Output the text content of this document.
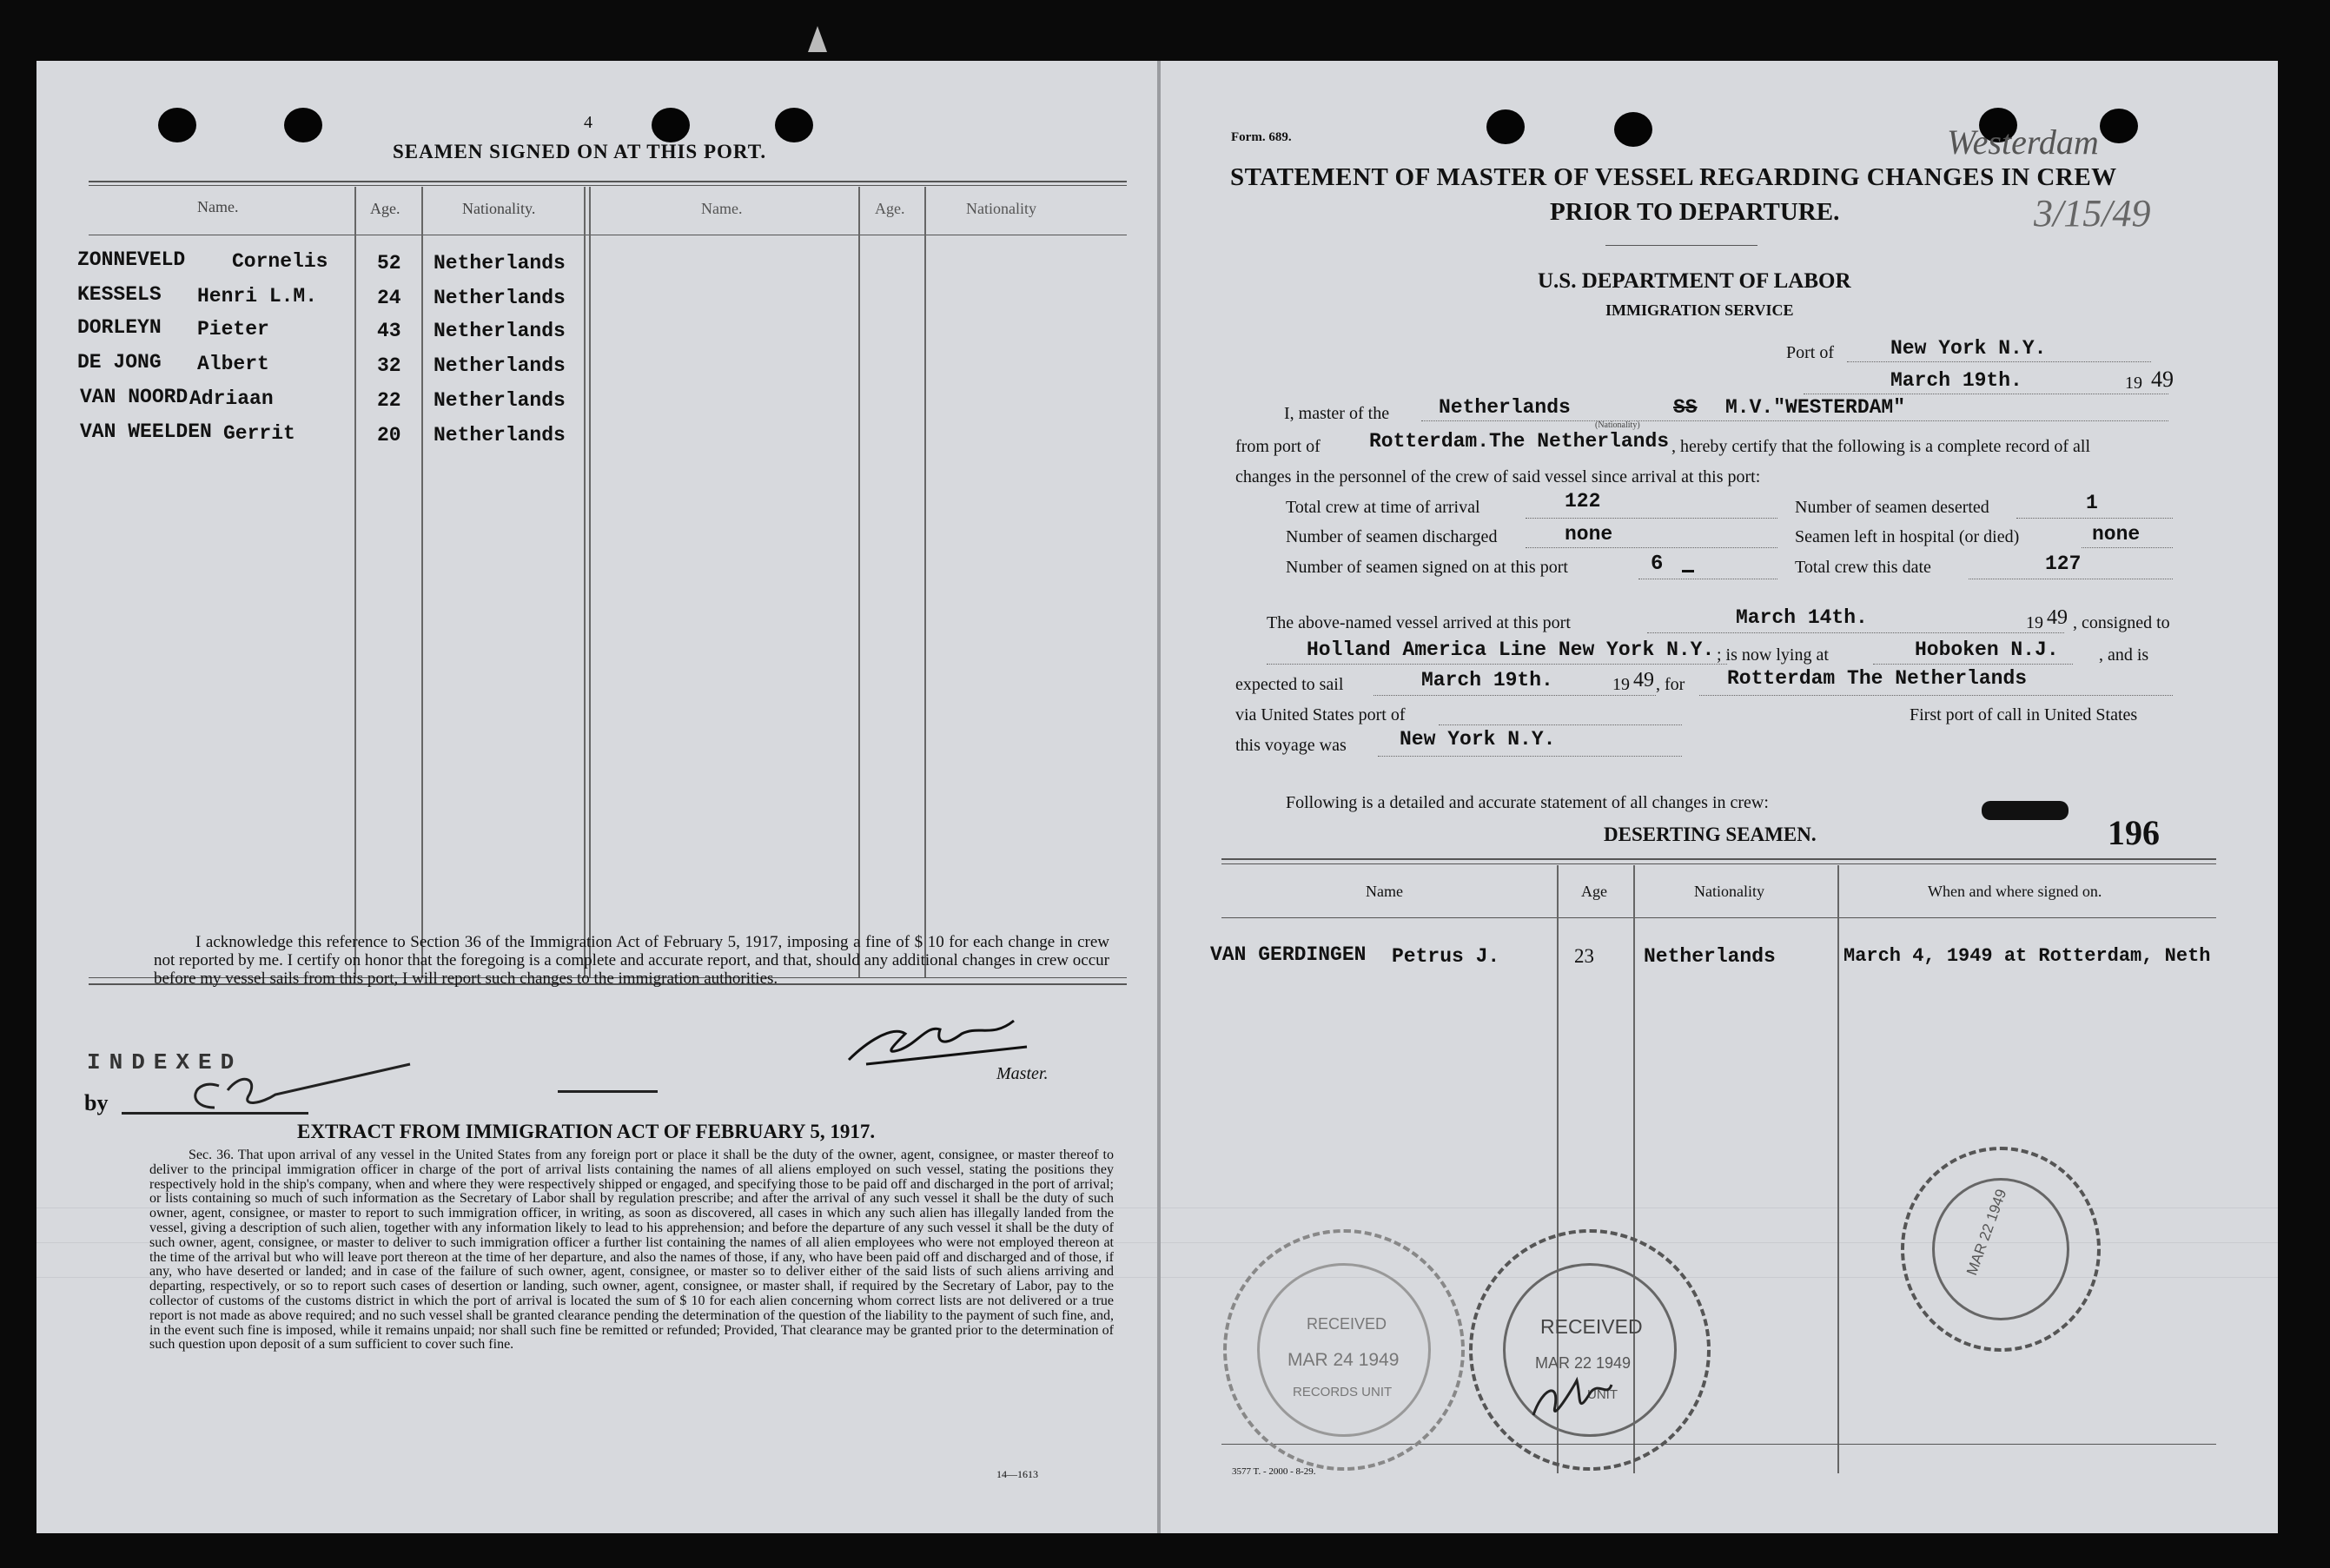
4
SEAMEN SIGNED ON AT THIS PORT.
Name.	Age.	Nationality.	Name.	Age.	Nationality
ZONNEVELD Cornelis 52 Netherlands
KESSELS Henri L.M.	24 Netherlands
DORLEYN Pieter	43 Netherlands
DE JONG Albert	32 Netherlands
VAN NOORD Adriaan	22 Netherlands
VAN WEELDEN Gerrit	20 Netherlands
I acknowledge this reference to Section 36 of the Immigration Act of February 5, 1917, imposing a fine of $ 10 for each change in crew not reported by me. I certify on honor that the foregoing is a complete and accurate report, and that, should any additional changes in crew occur before my vessel sails from this port, I will report such changes to the immigration authorities.
INDEXED
by
Master.
EXTRACT FROM IMMIGRATION ACT OF FEBRUARY 5, 1917.
Sec. 36. That upon arrival of any vessel in the United States from any foreign port or place it shall be the duty of the owner, agent, consignee, or master thereof to deliver to the principal immigration officer in charge of the port of arrival lists containing the names of all aliens employed on such vessel, stating the positions they respectively hold in the ship's company, when and where they were respectively shipped or engaged, and specifying those to be paid off and discharged in the port of arrival; or lists containing so much of such information as the Secretary of Labor shall by regulation prescribe; and after the arrival of any such vessel it shall be the duty of such owner, agent, consignee, or master to report to such immigration officer, in writing, as soon as discovered, all cases in which any such alien has illegally landed from the vessel, giving a description of such alien, together with any information likely to lead to his apprehension; and before the departure of any such vessel it shall be the duty of such owner, agent, consignee, or master to deliver to such immigration officer a further list containing the names of all alien employees who were not employed thereon at the time of the arrival but who will leave port thereon at the time of her departure, and also the names of those, if any, who have been paid off and discharged and of those, if any, who have deserted or landed; and in case of the failure of such owner, agent, consignee, or master so to deliver either of the said lists of such aliens arriving and departing, respectively, or so to report such cases of desertion or landing, such owner, agent, consignee, or master shall, if required by the Secretary of Labor, pay to the collector of customs of the customs district in which the port of arrival is located the sum of $ 10 for each alien concerning whom correct lists are not delivered or a true report is not made as above required; and no such vessel shall be granted clearance pending the determination of the question of the liability to the payment of such fine, and, in the event such fine is imposed, while it remains unpaid; nor shall such fine be remitted or refunded; Provided, That clearance may be granted prior to the determination of such question upon deposit of a sum sufficient to cover such fine.
14—1613
Form. 689.
STATEMENT OF MASTER OF VESSEL REGARDING CHANGES IN CREW
PRIOR TO DEPARTURE.
Westerdam
3/15/49
U.S. DEPARTMENT OF LABOR
IMMIGRATION SERVICE
Port of	New York N.Y.
March 19th.	19 49
I, master of the Netherlands	SS M.V."WESTERDAM"
(Nationality)
from port of Rotterdam.The Netherlands , hereby certify that the following is a complete record of all
changes in the personnel of the crew of said vessel since arrival at this port:
Total crew at time of arrival	122	Number of seamen deserted	1
Number of seamen discharged	none	Seamen left in hospital (or died)	none
Number of seamen signed on at this port	6	Total crew this date	127
The above-named vessel arrived at this port	March 14th.	19 49 , consigned to
Holland America Line New York N.Y. ; is now lying at	Hoboken N.J. , and is
expected to sail	March 19th.	19 49 , for Rotterdam The Netherlands
via United States port of	First port of call in United States
this voyage was	New York N.Y.
Following is a detailed and accurate statement of all changes in crew:
DESERTING SEAMEN.	196
Name	Age	Nationality	When and where signed on.
VAN GERDINGEN Petrus J.	23 Netherlands	March 4, 1949 at Rotterdam, Neth
3577 T. - 2000 - 8-29.
RECEIVED
MAR 24 1949
RECORDS UNIT
RECEIVED
MAR 22 1949
UNIT
MAR 22 1949
